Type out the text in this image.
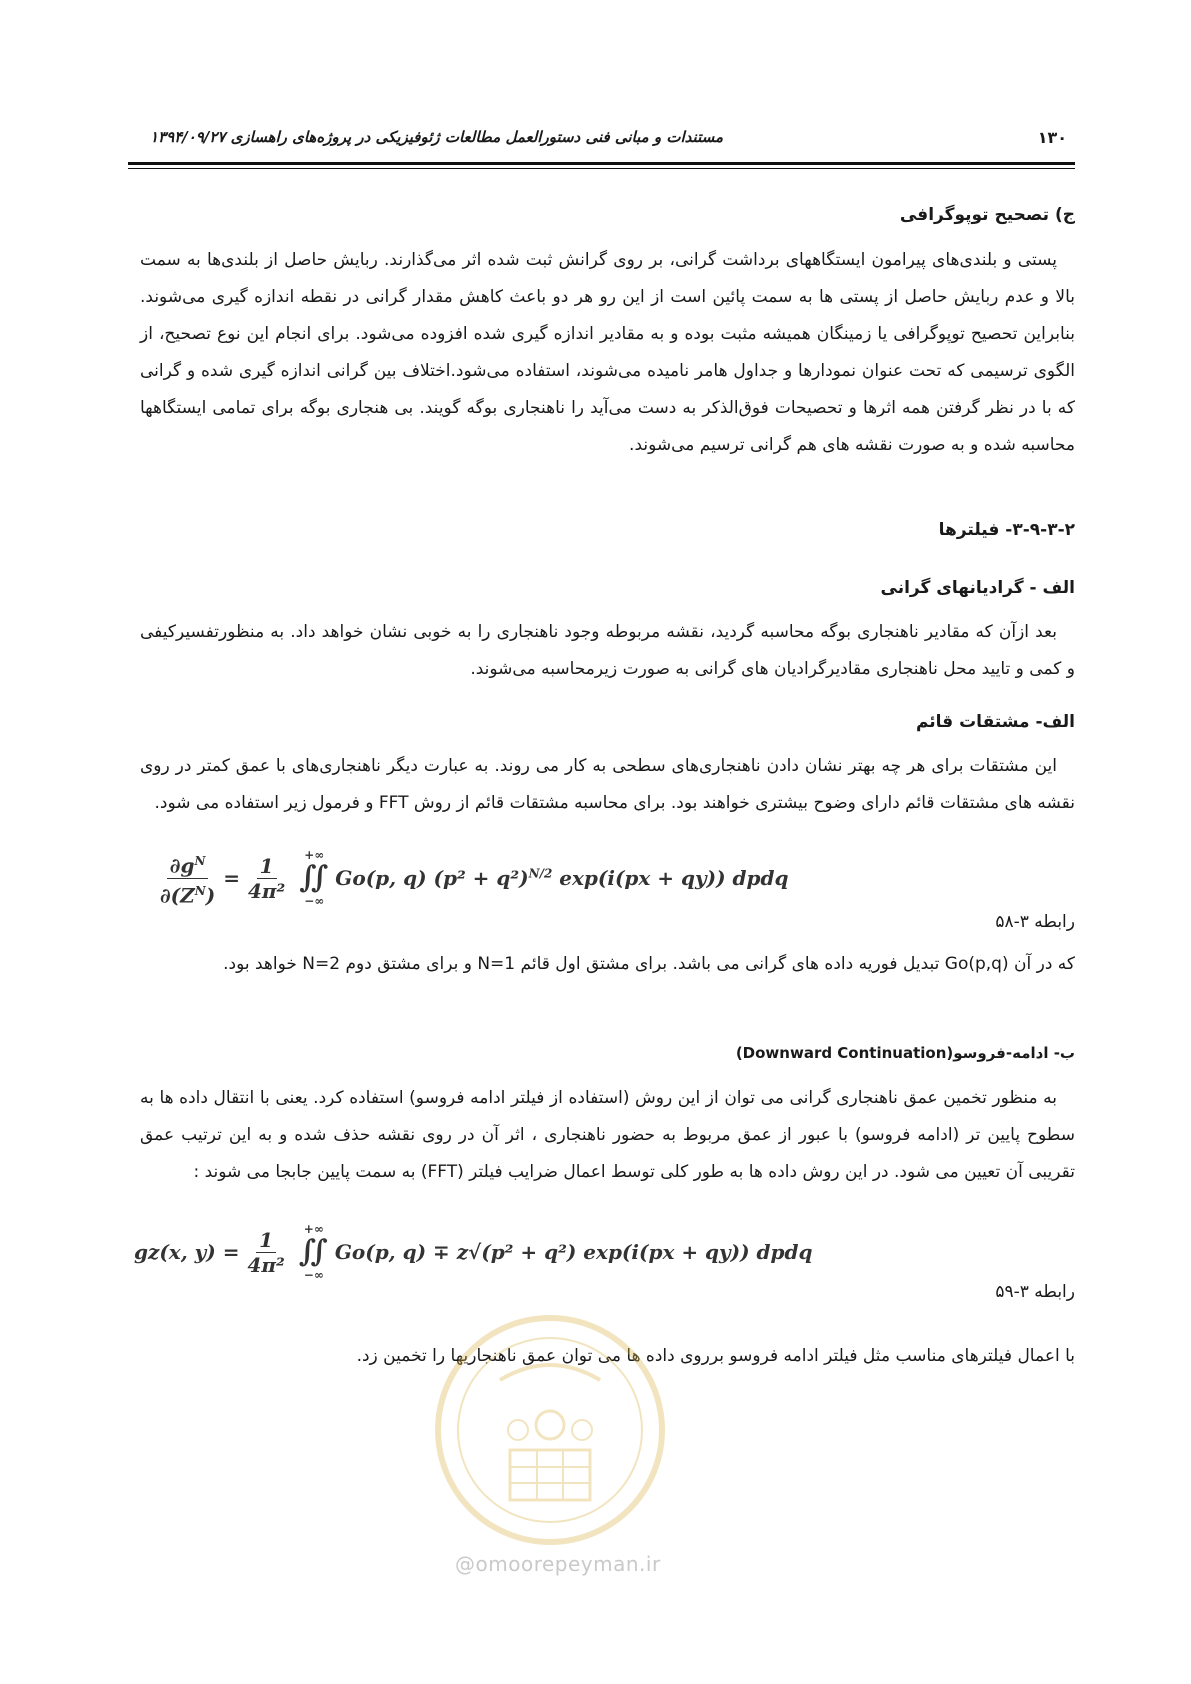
۱۳۰
مستندات و مبانی فنی دستورالعمل مطالعات ژئوفیزیکی در پروژه‌های راهسازی ۱۳۹۴/۰۹/۲۷
ج) تصحیح توپوگرافی
پستی و بلندی‌های پیرامون ایستگاههای برداشت گرانی، بر روی گرانش ثبت شده اثر می‌گذارند. ربایش حاصل از بلندی‌ها به سمت بالا و عدم ربایش حاصل از پستی ها به سمت پائین است از این رو هر دو باعث کاهش مقدار گرانی در نقطه اندازه گیری می‌شوند. بنابراین تحصیح توپوگرافی یا زمینگان همیشه مثبت بوده و به مقادیر اندازه گیری شده افزوده می‌شود. برای انجام این نوع تصحیح، از الگوی ترسیمی که تحت عنوان نمودارها و جداول هامر نامیده می‌شوند، استفاده می‌شود.اختلاف بین گرانی اندازه گیری شده و گرانی که با در نظر گرفتن همه اثرها و تحصیحات فوق‌الذکر به دست می‌آید را ناهنجاری بوگه گویند. بی هنجاری بوگه برای تمامی ایستگاهها محاسبه شده و به صورت نقشه های هم گرانی ترسیم می‌شوند.
۳-۹-۳-۲- فیلترها
الف - گرادیانهای گرانی
بعد ازآن که مقادیر ناهنجاری بوگه محاسبه گردید، نقشه مربوطه وجود ناهنجاری را به خوبی نشان خواهد داد. به منظورتفسیرکیفی و کمی و تایید محل ناهنجاری مقادیرگرادیان های گرانی به صورت زیرمحاسبه می‌شوند.
الف- مشتقات قائم
این مشتقات برای هر چه بهتر نشان دادن ناهنجاری‌های سطحی به کار می روند. به عبارت دیگر ناهنجاری‌های با عمق کمتر در روی نقشه های مشتقات قائم دارای وضوح بیشتری خواهند بود. برای محاسبه مشتقات قائم از روش FFT و فرمول زیر استفاده می شود.
$\frac{\partial g^N}{\partial(Z^N)} = \frac{1}{\text{4π²}}$ +∞
∬
−∞
Go(p, q) $(p^2 + q^2)^{N/2}$ exp(i(px + qy)) dpdq
رابطه ۳-۵۸
که در آن Go(p,q) تبدیل فوریه داده های گرانی می باشد. برای مشتق اول قائم N=1 و برای مشتق دوم N=2 خواهد بود.
ب- ادامه-فروسو(Downward Continuation)
به منظور تخمین عمق ناهنجاری گرانی می توان از این روش (استفاده از فیلتر ادامه فروسو) استفاده کرد. یعنی با انتقال داده ها به سطوح پایین تر (ادامه فروسو) با عبور از عمق مربوط به حضور ناهنجاری ، اثر آن در روی نقشه حذف شده و به این ترتیب عمق تقریبی آن تعیین می شود. در این روش داده ها به طور کلی توسط اعمال ضرایب فیلتر (FFT) به سمت پایین جابجا می شوند :
gz(x, $y) = \frac{1}{\text{4π²}}$ +∞
∬
−∞
Go(p, q) ∓ z√(p² + q²) exp(i(px + qy)) dpdq
رابطه ۳-۵۹
با اعمال فیلترهای مناسب مثل فیلتر ادامه فروسو برروی داده ها می توان عمق ناهنجاریها را تخمین زد.
@omoorepeyman.ir
